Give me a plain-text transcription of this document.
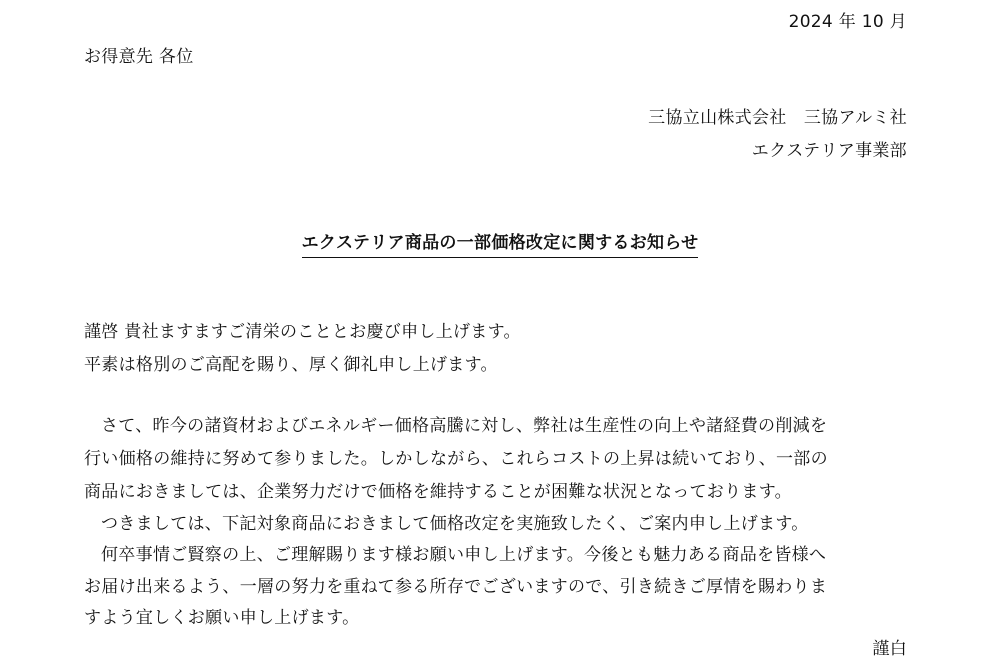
2024 年 10 月
お得意先 各位
三協立山株式会社　三協アルミ社
エクステリア事業部
エクステリア商品の一部価格改定に関するお知らせ
謹啓 貴社ますますご清栄のこととお慶び申し上げます。
平素は格別のご高配を賜り、厚く御礼申し上げます。
さて、昨今の諸資材およびエネルギー価格高騰に対し、弊社は生産性の向上や諸経費の削減を
行い価格の維持に努めて参りました。しかしながら、これらコストの上昇は続いており、一部の
商品におきましては、企業努力だけで価格を維持することが困難な状況となっております。
つきましては、下記対象商品におきまして価格改定を実施致したく、ご案内申し上げます。
何卒事情ご賢察の上、ご理解賜ります様お願い申し上げます。今後とも魅力ある商品を皆様へ
お届け出来るよう、一層の努力を重ねて参る所存でございますので、引き続きご厚情を賜わりま
すよう宜しくお願い申し上げます。
謹白
